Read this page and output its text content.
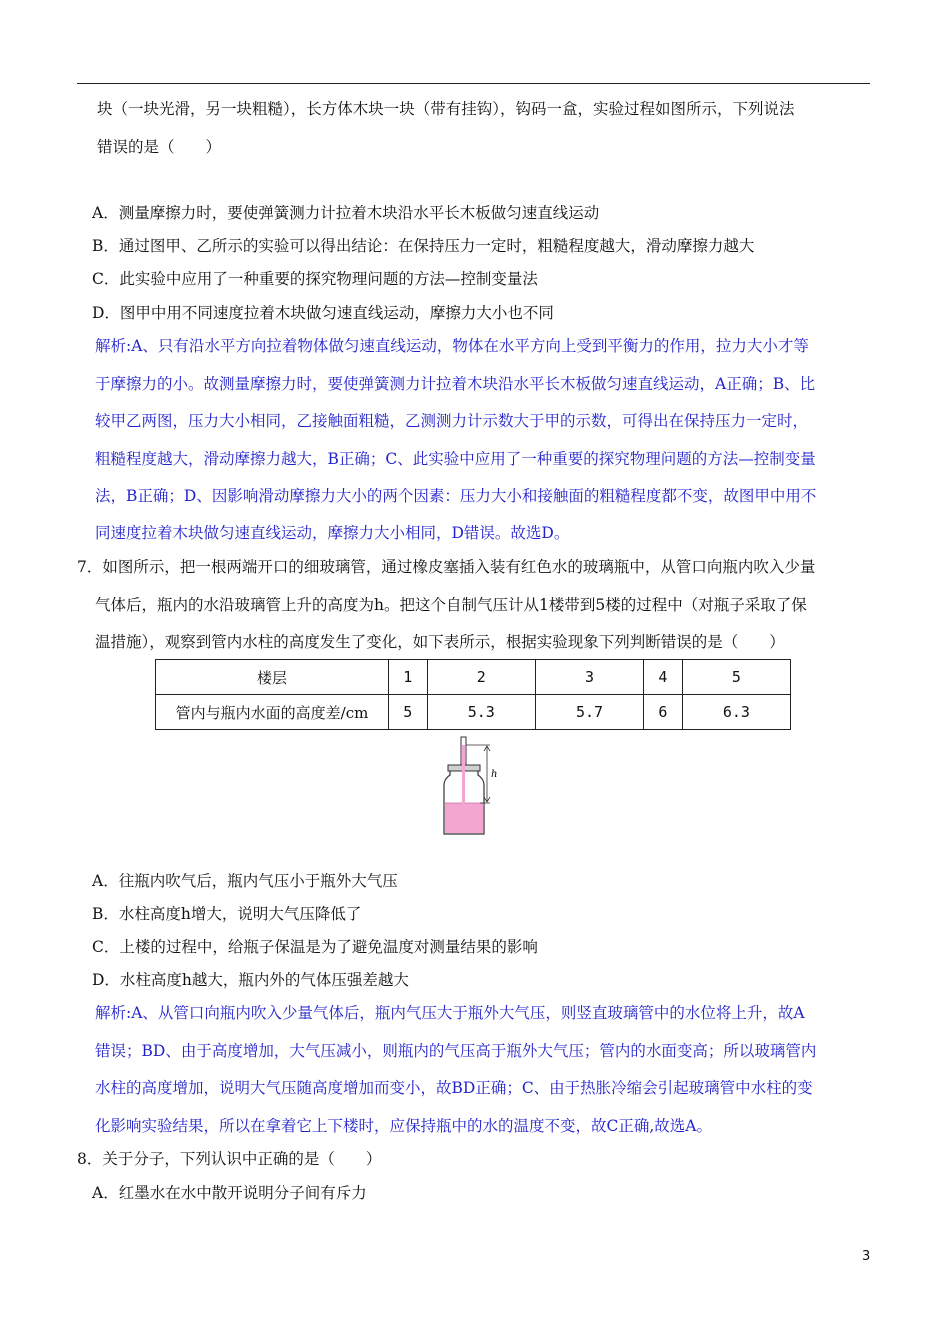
块（一块光滑，另一块粗糙），长方体木块一块（带有挂钩），钩码一盒，实验过程如图所示，下列说法
错误的是（　　）
A．测量摩擦力时，要使弹簧测力计拉着木块沿水平长木板做匀速直线运动
B．通过图甲、乙所示的实验可以得出结论：在保持压力一定时，粗糙程度越大，滑动摩擦力越大
C．此实验中应用了一种重要的探究物理问题的方法—控制变量法
D．图甲中用不同速度拉着木块做匀速直线运动，摩擦力大小也不同
解析:A、只有沿水平方向拉着物体做匀速直线运动，物体在水平方向上受到平衡力的作用，拉力大小才等
于摩擦力的小。故测量摩擦力时，要使弹簧测力计拉着木块沿水平长木板做匀速直线运动，A正确；B、比
较甲乙两图，压力大小相同，乙接触面粗糙，乙测测力计示数大于甲的示数，可得出在保持压力一定时，
粗糙程度越大，滑动摩擦力越大，B正确；C、此实验中应用了一种重要的探究物理问题的方法—控制变量
法，B正确；D、因影响滑动摩擦力大小的两个因素：压力大小和接触面的粗糙程度都不变，故图甲中用不
同速度拉着木块做匀速直线运动，摩擦力大小相同，D错误。故选D。
7．如图所示，把一根两端开口的细玻璃管，通过橡皮塞插入装有红色水的玻璃瓶中，从管口向瓶内吹入少量
气体后，瓶内的水沿玻璃管上升的高度为h。把这个自制气压计从1楼带到5楼的过程中（对瓶子采取了保
温措施），观察到管内水柱的高度发生了变化，如下表所示，根据实验现象下列判断错误的是（　　）
楼层	1	2	3	4	5
管内与瓶内水面的高度差/cm	5	5.3	5.7	6	6.3
h
A．往瓶内吹气后，瓶内气压小于瓶外大气压
B．水柱高度h增大，说明大气压降低了
C．上楼的过程中，给瓶子保温是为了避免温度对测量结果的影响
D．水柱高度h越大，瓶内外的气体压强差越大
解析:A、从管口向瓶内吹入少量气体后，瓶内气压大于瓶外大气压，则竖直玻璃管中的水位将上升，故A
错误；BD、由于高度增加，大气压减小，则瓶内的气压高于瓶外大气压；管内的水面变高；所以玻璃管内
水柱的高度增加，说明大气压随高度增加而变小，故BD正确；C、由于热胀冷缩会引起玻璃管中水柱的变
化影响实验结果，所以在拿着它上下楼时，应保持瓶中的水的温度不变，故C正确,故选A。
8．关于分子，下列认识中正确的是（　　）
A．红墨水在水中散开说明分子间有斥力
3
